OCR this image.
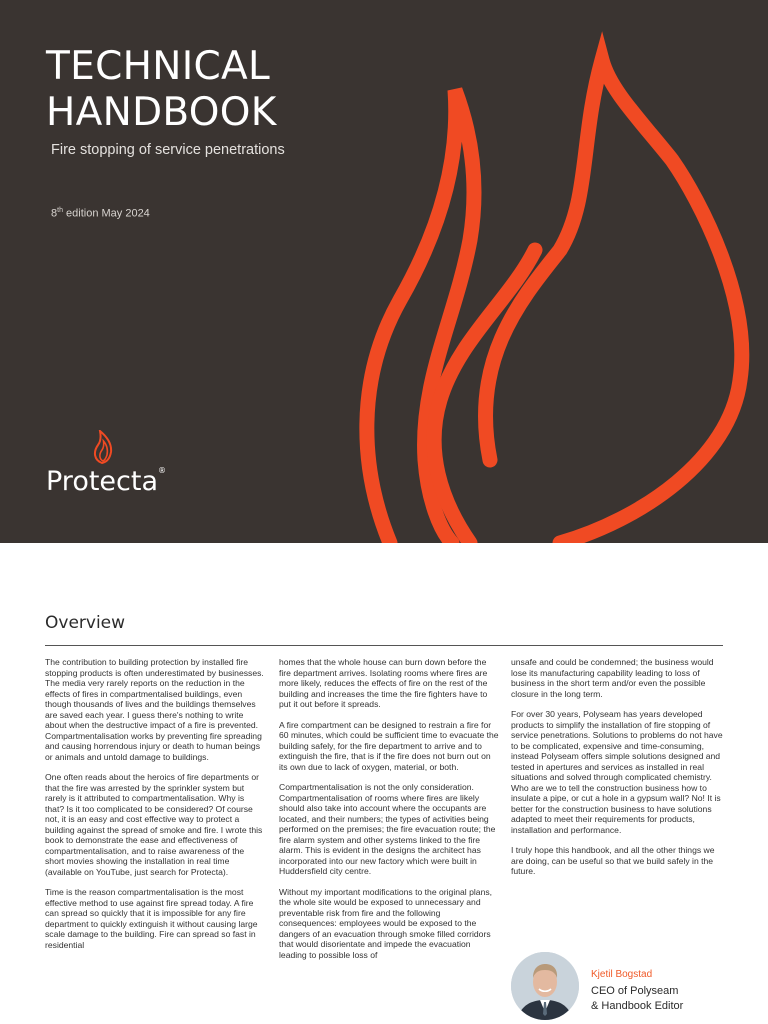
TECHNICAL
HANDBOOK
Fire stopping of service penetrations
8th edition May 2024
Protecta®
Overview

The contribution to building protection by installed fire stopping products is often underestimated by businesses. The media very rarely reports on the reduction in the effects of fires in compartmentalised buildings, even though thousands of lives and the buildings themselves are saved each year. I guess there's nothing to write about when the destructive impact of a fire is prevented. Compartmentalisation works by preventing fire spreading and causing horrendous injury or death to human beings or animals and untold damage to buildings.

One often reads about the heroics of fire departments or that the fire was arrested by the sprinkler system but rarely is it attributed to compartmentalisation. Why is that? Is it too complicated to be considered? Of course not, it is an easy and cost effective way to protect a building against the spread of smoke and fire. I wrote this book to demonstrate the ease and effectiveness of compartmentalisation, and to raise awareness of the short movies showing the installation in real time (available on YouTube, just search for Protecta).

Time is the reason compartmentalisation is the most effective method to use against fire spread today. A fire can spread so quickly that it is impossible for any fire department to quickly extinguish it without causing large scale damage to the building. Fire can spread so fast in residential

homes that the whole house can burn down before the fire department arrives. Isolating rooms where fires are more likely, reduces the effects of fire on the rest of the building and increases the time the fire fighters have to put it out before it spreads.

A fire compartment can be designed to restrain a fire for 60 minutes, which could be sufficient time to evacuate the building safely, for the fire department to arrive and to extinguish the fire, that is if the fire does not burn out on its own due to lack of oxygen, material, or both.

Compartmentalisation is not the only consideration. Compartmentalisation of rooms where fires are likely should also take into account where the occupants are located, and their numbers; the types of activities being performed on the premises; the fire evacuation route; the fire alarm system and other systems linked to the fire alarm. This is evident in the designs the architect has incorporated into our new factory which were built in Huddersfield city centre.

Without my important modifications to the original plans, the whole site would be exposed to unnecessary and preventable risk from fire and the following consequences: employees would be exposed to the dangers of an evacuation through smoke filled corridors that would disorientate and impede the evacuation leading to possible loss of

unsafe and could be condemned; the business would lose its manufacturing capability leading to loss of business in the short term and/or even the possible closure in the long term.

For over 30 years, Polyseam has years developed products to simplify the installation of fire stopping of service penetrations. Solutions to problems do not have to be complicated, expensive and time-consuming, instead Polyseam offers simple solutions designed and tested in apertures and services as installed in real situations and solved through complicated chemistry. Who are we to tell the construction business how to insulate a pipe, or cut a hole in a gypsum wall? No! It is better for the construction business to have solutions adapted to meet their requirements for products, installation and performance.

I truly hope this handbook, and all the other things we are doing, can be useful so that we build safely in the future.

Kjetil Bogstad
CEO of Polyseam
& Handbook Editor
